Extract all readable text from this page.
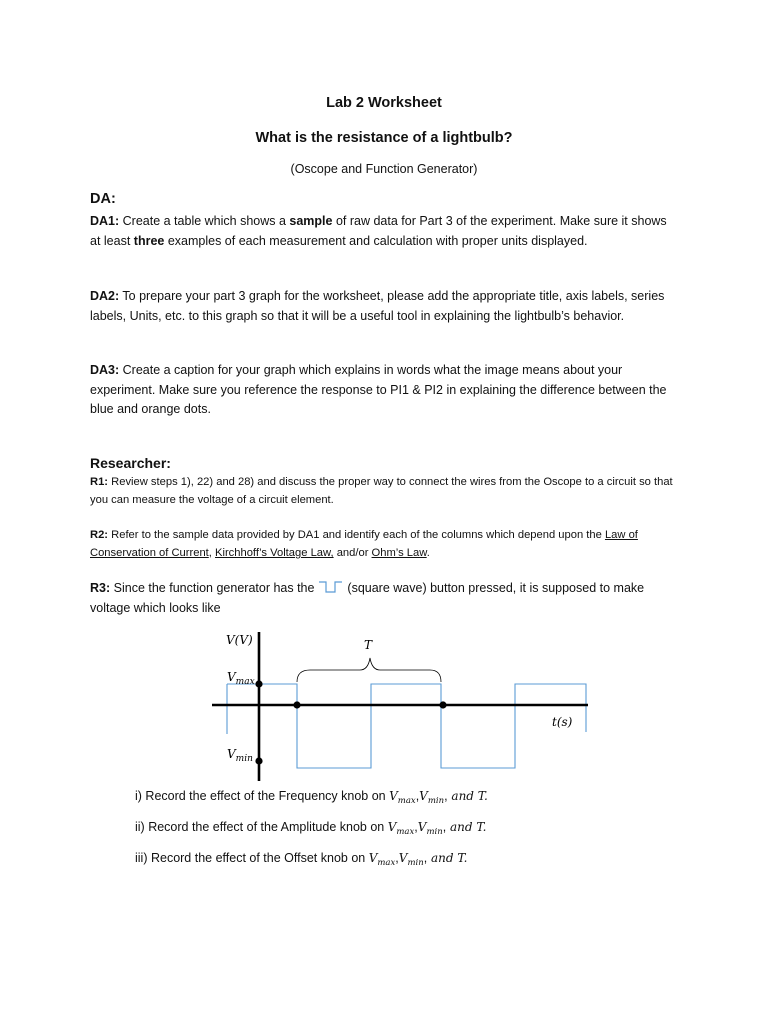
Lab 2 Worksheet
What is the resistance of a lightbulb?
(Oscope and Function Generator)
DA:
DA1: Create a table which shows a sample of raw data for Part 3 of the experiment. Make sure it shows at least three examples of each measurement and calculation with proper units displayed.
DA2: To prepare your part 3 graph for the worksheet, please add the appropriate title, axis labels, series labels, Units, etc. to this graph so that it will be a useful tool in explaining the lightbulb’s behavior.
DA3: Create a caption for your graph which explains in words what the image means about your experiment. Make sure you reference the response to PI1 & PI2 in explaining the difference between the blue and orange dots.
Researcher:
R1: Review steps 1), 22) and 28) and discuss the proper way to connect the wires from the Oscope to a circuit so that you can measure the voltage of a circuit element.
R2: Refer to the sample data provided by DA1 and identify each of the columns which depend upon the Law of Conservation of Current, Kirchhoff’s Voltage Law, and/or Ohm’s Law.
R3: Since the function generator has the  (square wave) button pressed, it is supposed to make voltage which looks like
V(V)	T
$V_{max}$
$V_{min}$
t(s)
i) Record the effect of the Frequency knob on $V_{max},V_{min}$, and T.
ii) Record the effect of the Amplitude knob on $V_{max},V_{min}$, and T.
iii) Record the effect of the Offset knob on $V_{max},V_{min}$, and T.
